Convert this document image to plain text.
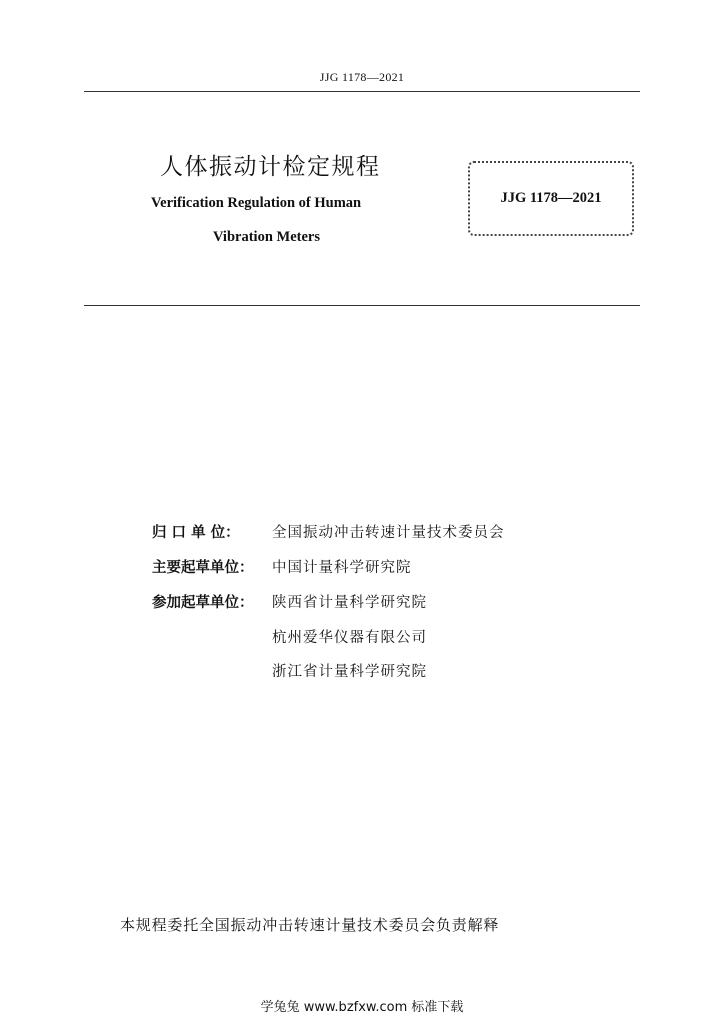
JJG 1178—2021
人体振动计检定规程
Verification Regulation of Human
Vibration Meters
JJG 1178—2021
归 口 单 位： 全国振动冲击转速计量技术委员会
主要起草单位： 中国计量科学研究院
参加起草单位： 陕西省计量科学研究院
杭州爱华仪器有限公司
浙江省计量科学研究院
本规程委托全国振动冲击转速计量技术委员会负责解释
学兔兔 www.bzfxw.com 标准下载
